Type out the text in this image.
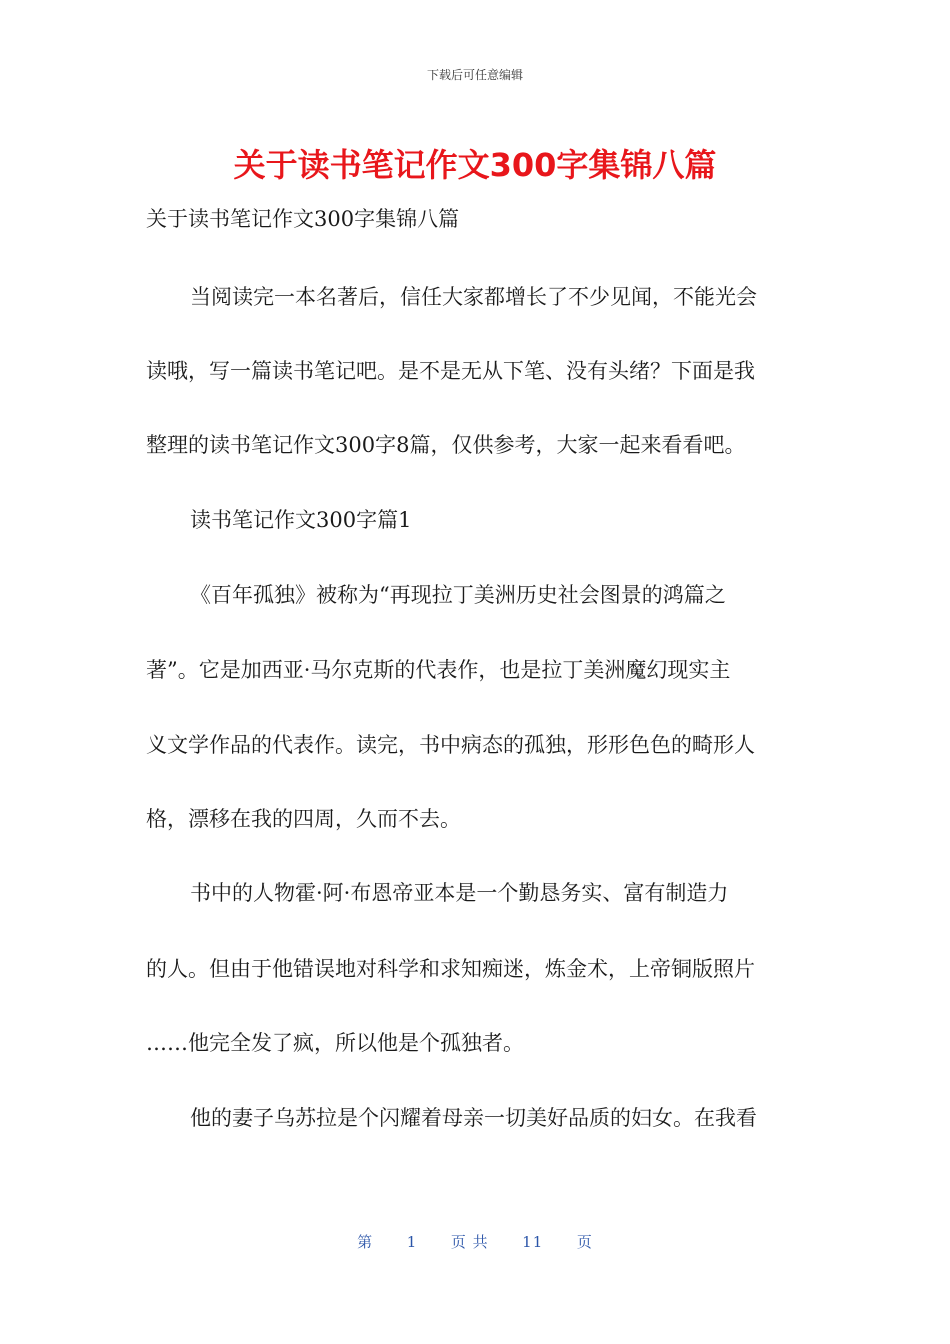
下载后可任意编辑
关于读书笔记作文300字集锦八篇
关于读书笔记作文300字集锦八篇
当阅读完一本名著后，信任大家都增长了不少见闻，不能光会
读哦，写一篇读书笔记吧。是不是无从下笔、没有头绪？下面是我
整理的读书笔记作文300字8篇，仅供参考，大家一起来看看吧。
读书笔记作文300字篇1
《百年孤独》被称为“再现拉丁美洲历史社会图景的鸿篇之
著”。它是加西亚·马尔克斯的代表作，也是拉丁美洲魔幻现实主
义文学作品的代表作。读完，书中病态的孤独，形形色色的畸形人
格，漂移在我的四周，久而不去。
书中的人物霍·阿·布恩帝亚本是一个勤恳务实、富有制造力
的人。但由于他错误地对科学和求知痴迷，炼金术，上帝铜版照片
……他完全发了疯，所以他是个孤独者。
他的妻子乌苏拉是个闪耀着母亲一切美好品质的妇女。在我看
第 1 页 共 11 页
